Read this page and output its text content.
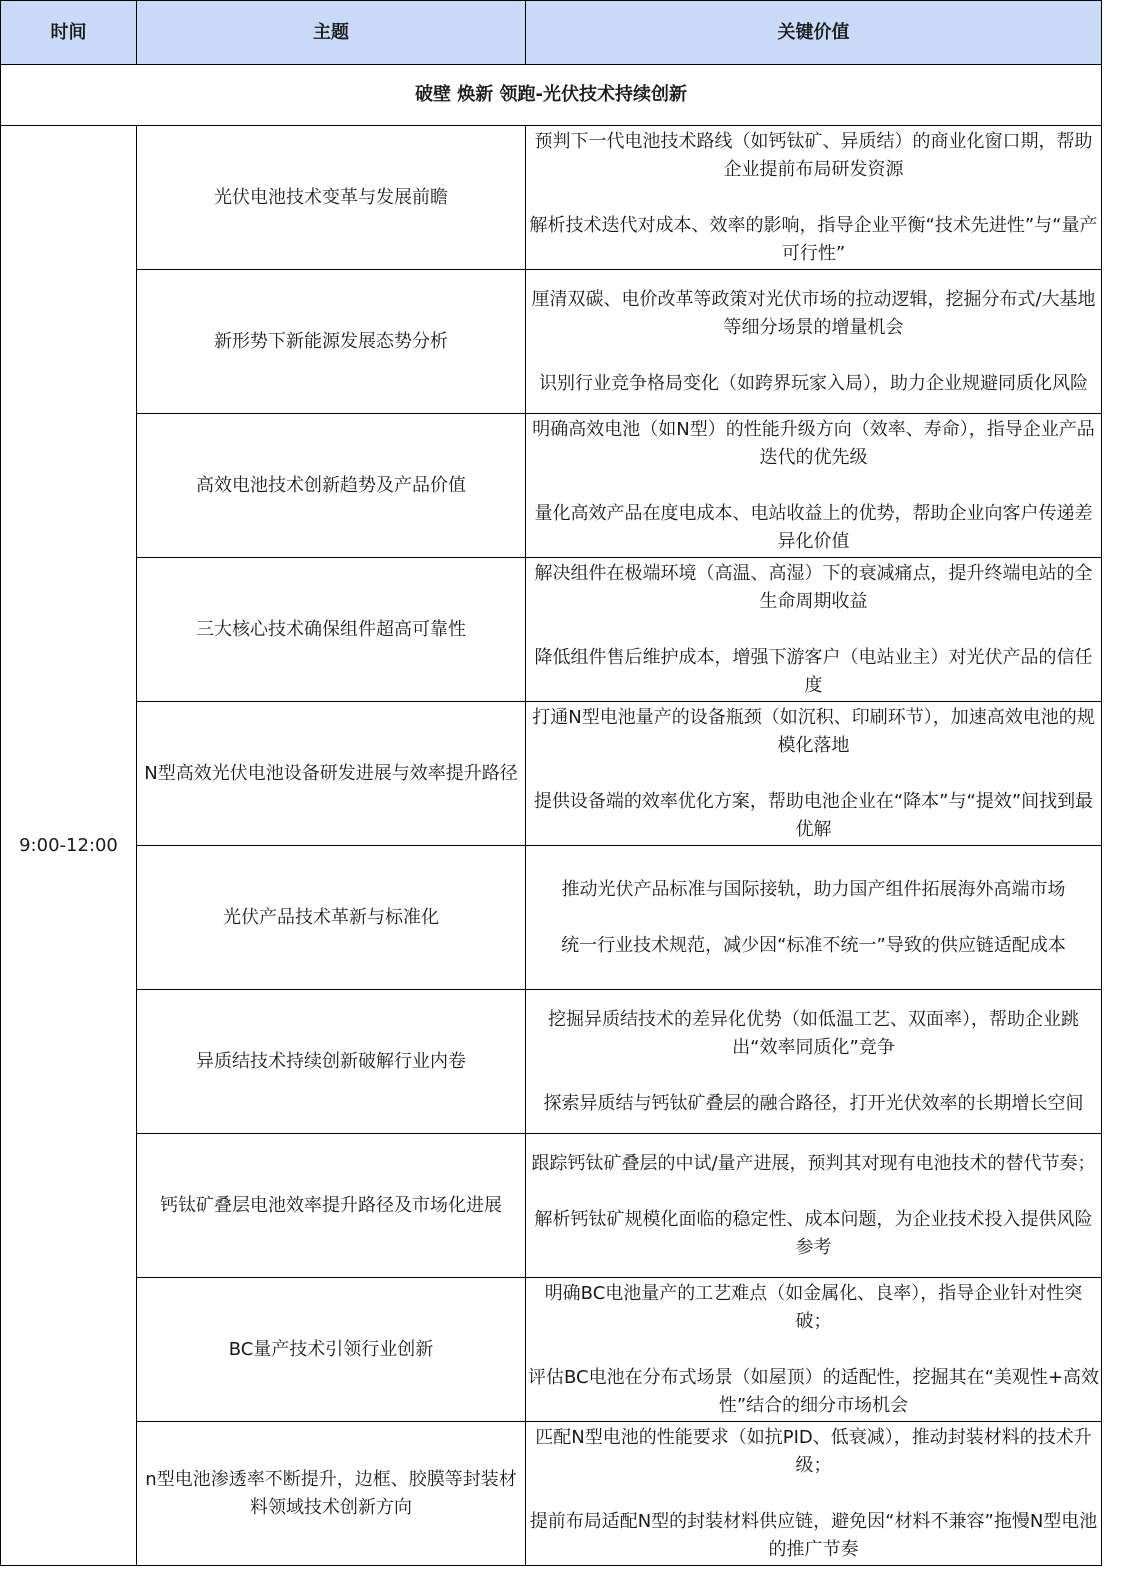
时间	主题	关键价值
破壁 焕新 领跑-光伏技术持续创新		
9:00-12:00	光伏电池技术变革与发展前瞻	预判下一代电池技术路线（如钙钛矿、异质结）的商业化窗口期，帮助企业提前布局研发资源
解析技术迭代对成本、效率的影响，指导企业平衡“技术先进性”与“量产可行性”

	新形势下新能源发展态势分析	厘清双碳、电价改革等政策对光伏市场的拉动逻辑，挖掘分布式/大基地等细分场景的增量机会
识别行业竞争格局变化（如跨界玩家入局），助力企业规避同质化风险

	高效电池技术创新趋势及产品价值	明确高效电池（如N型）的性能升级方向（效率、寿命），指导企业产品迭代的优先级
量化高效产品在度电成本、电站收益上的优势，帮助企业向客户传递差异化价值

	三大核心技术确保组件超高可靠性	解决组件在极端环境（高温、高湿）下的衰减痛点，提升终端电站的全生命周期收益
降低组件售后维护成本，增强下游客户（电站业主）对光伏产品的信任度

	N型高效光伏电池设备研发进展与效率提升路径	打通N型电池量产的设备瓶颈（如沉积、印刷环节），加速高效电池的规模化落地
提供设备端的效率优化方案，帮助电池企业在“降本”与“提效”间找到最优解

	光伏产品技术革新与标准化	推动光伏产品标准与国际接轨，助力国产组件拓展海外高端市场
统一行业技术规范，减少因“标准不统一”导致的供应链适配成本

	异质结技术持续创新破解行业内卷	挖掘异质结技术的差异化优势（如低温工艺、双面率），帮助企业跳出“效率同质化”竞争
探索异质结与钙钛矿叠层的融合路径，打开光伏效率的长期增长空间

	钙钛矿叠层电池效率提升路径及市场化进展	跟踪钙钛矿叠层的中试/量产进展，预判其对现有电池技术的替代节奏；
解析钙钛矿规模化面临的稳定性、成本问题，为企业技术投入提供风险参考

	BC量产技术引领行业创新	明确BC电池量产的工艺难点（如金属化、良率），指导企业针对性突破；
评估BC电池在分布式场景（如屋顶）的适配性，挖掘其在“美观性+高效性”结合的细分市场机会

	n型电池渗透率不断提升，边框、胶膜等封装材料领域技术创新方向	匹配N型电池的性能要求（如抗PID、低衰减），推动封装材料的技术升级；
提前布局适配N型的封装材料供应链，避免因“材料不兼容”拖慢N型电池的推广节奏
